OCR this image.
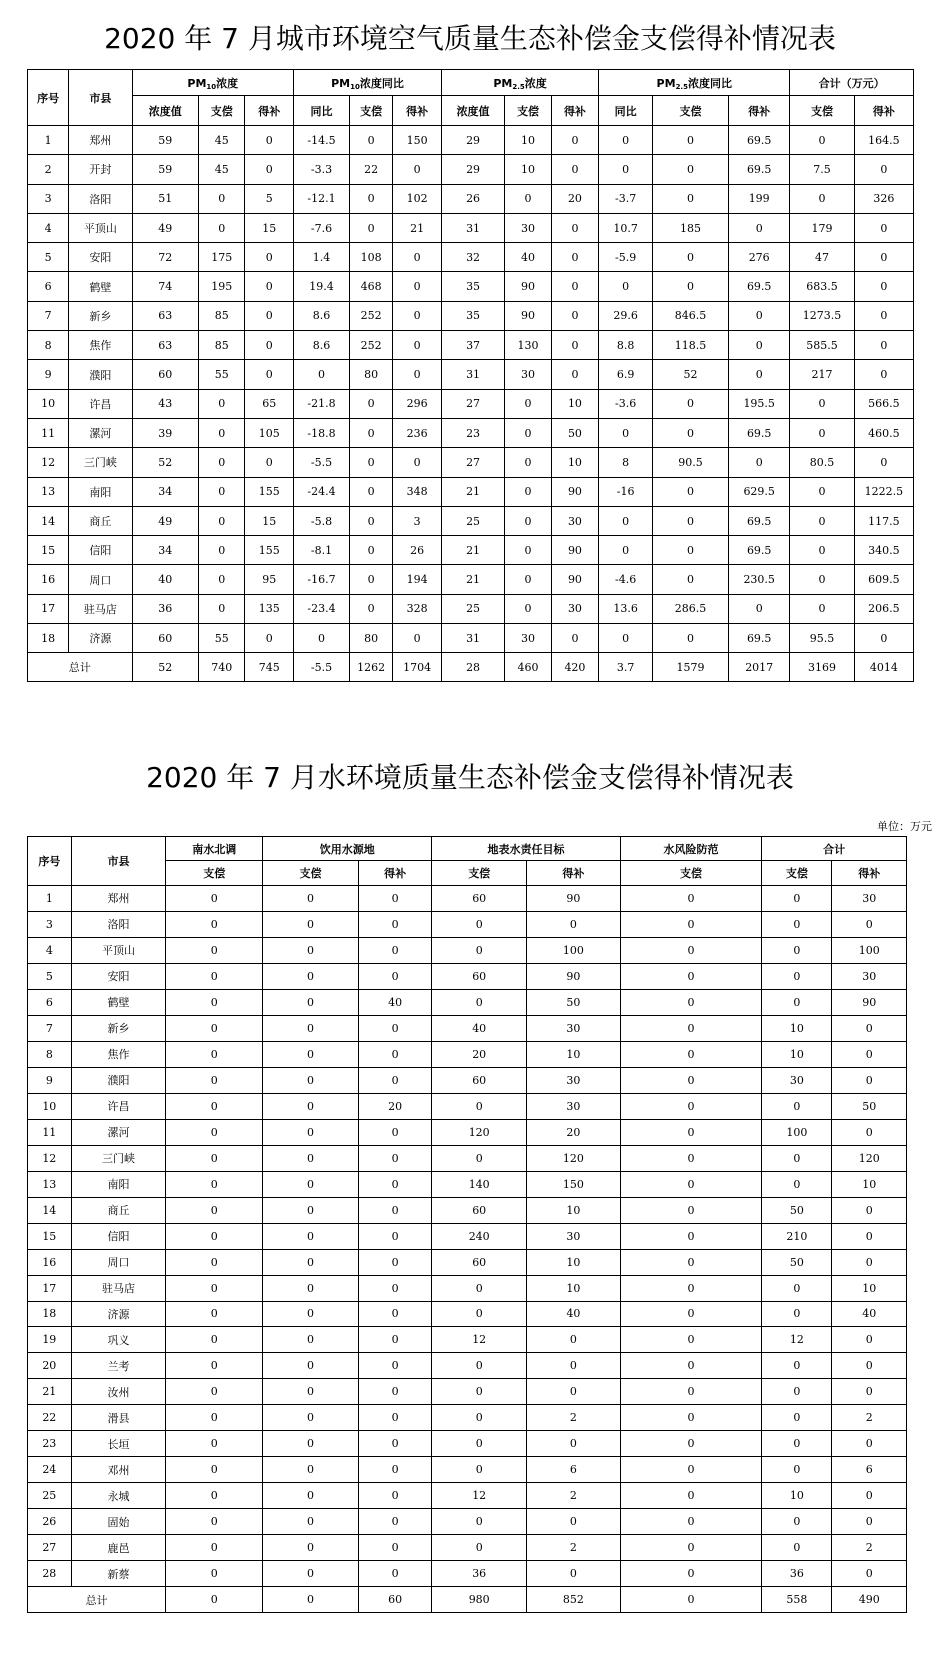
2020 年 7 月城市环境空气质量生态补偿金支偿得补情况表
序号	市县	$PM_{10}$浓度			$PM_{10}$浓度同比			$PM_{2.5}$浓度			$PM_{2.5}$浓度同比			合计（万元）	
		浓度值	支偿	得补	同比	支偿	得补	浓度值	支偿	得补	同比	支偿	得补	支偿	得补
1	郑州	59	45	0	-14.5	0	150	29	10	0	0	0	69.5	0	164.5
2	开封	59	45	0	-3.3	22	0	29	10	0	0	0	69.5	7.5	0
3	洛阳	51	0	5	-12.1	0	102	26	0	20	-3.7	0	199	0	326
4	平顶山	49	0	15	-7.6	0	21	31	30	0	10.7	185	0	179	0
5	安阳	72	175	0	1.4	108	0	32	40	0	-5.9	0	276	47	0
6	鹤壁	74	195	0	19.4	468	0	35	90	0	0	0	69.5	683.5	0
7	新乡	63	85	0	8.6	252	0	35	90	0	29.6	846.5	0	1273.5	0
8	焦作	63	85	0	8.6	252	0	37	130	0	8.8	118.5	0	585.5	0
9	濮阳	60	55	0	0	80	0	31	30	0	6.9	52	0	217	0
10	许昌	43	0	65	-21.8	0	296	27	0	10	-3.6	0	195.5	0	566.5
11	漯河	39	0	105	-18.8	0	236	23	0	50	0	0	69.5	0	460.5
12	三门峡	52	0	0	-5.5	0	0	27	0	10	8	90.5	0	80.5	0
13	南阳	34	0	155	-24.4	0	348	21	0	90	-16	0	629.5	0	1222.5
14	商丘	49	0	15	-5.8	0	3	25	0	30	0	0	69.5	0	117.5
15	信阳	34	0	155	-8.1	0	26	21	0	90	0	0	69.5	0	340.5
16	周口	40	0	95	-16.7	0	194	21	0	90	-4.6	0	230.5	0	609.5
17	驻马店	36	0	135	-23.4	0	328	25	0	30	13.6	286.5	0	0	206.5
18	济源	60	55	0	0	80	0	31	30	0	0	0	69.5	95.5	0
总计		52	740	745	-5.5	1262	1704	28	460	420	3.7	1579	2017	3169	4014
2020 年 7 月水环境质量生态补偿金支偿得补情况表
单位：万元
序号	市县	南水北调	饮用水源地		地表水责任目标		水风险防范	合计	
		支偿	支偿	得补	支偿	得补	支偿	支偿	得补
1	郑州	0	0	0	60	90	0	0	30
3	洛阳	0	0	0	0	0	0	0	0
4	平顶山	0	0	0	0	100	0	0	100
5	安阳	0	0	0	60	90	0	0	30
6	鹤壁	0	0	40	0	50	0	0	90
7	新乡	0	0	0	40	30	0	10	0
8	焦作	0	0	0	20	10	0	10	0
9	濮阳	0	0	0	60	30	0	30	0
10	许昌	0	0	20	0	30	0	0	50
11	漯河	0	0	0	120	20	0	100	0
12	三门峡	0	0	0	0	120	0	0	120
13	南阳	0	0	0	140	150	0	0	10
14	商丘	0	0	0	60	10	0	50	0
15	信阳	0	0	0	240	30	0	210	0
16	周口	0	0	0	60	10	0	50	0
17	驻马店	0	0	0	0	10	0	0	10
18	济源	0	0	0	0	40	0	0	40
19	巩义	0	0	0	12	0	0	12	0
20	兰考	0	0	0	0	0	0	0	0
21	汝州	0	0	0	0	0	0	0	0
22	滑县	0	0	0	0	2	0	0	2
23	长垣	0	0	0	0	0	0	0	0
24	邓州	0	0	0	0	6	0	0	6
25	永城	0	0	0	12	2	0	10	0
26	固始	0	0	0	0	0	0	0	0
27	鹿邑	0	0	0	0	2	0	0	2
28	新蔡	0	0	0	36	0	0	36	0
总计		0	0	60	980	852	0	558	490
